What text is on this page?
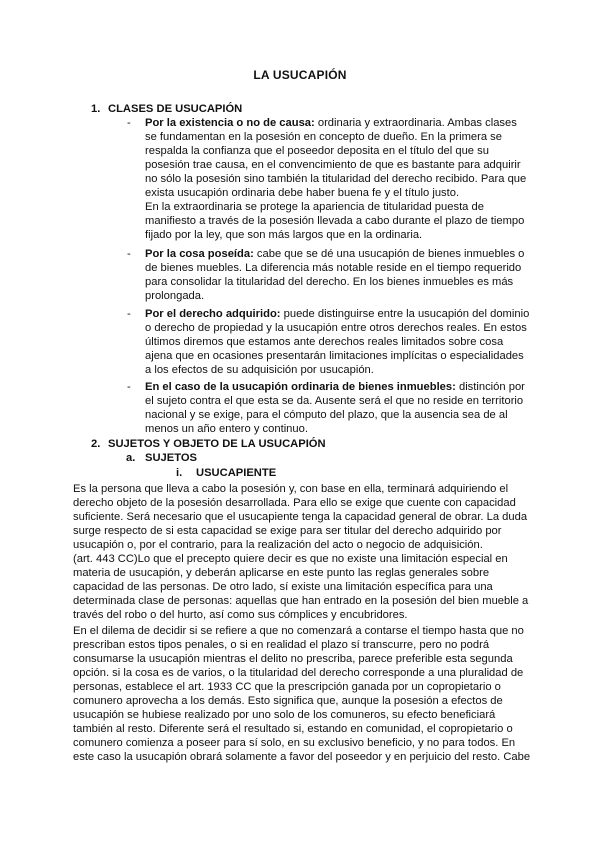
LA USUCAPIÓN
1. CLASES DE USUCAPIÓN
- Por la existencia o no de causa: ordinaria y extraordinaria. Ambas clases
se fundamentan en la posesión en concepto de dueño. En la primera se
respalda la confianza que el poseedor deposita en el título del que su
posesión trae causa, en el convencimiento de que es bastante para adquirir
no sólo la posesión sino también la titularidad del derecho recibido. Para que
exista usucapión ordinaria debe haber buena fe y el título justo.
En la extraordinaria se protege la apariencia de titularidad puesta de
manifiesto a través de la posesión llevada a cabo durante el plazo de tiempo
fijado por la ley, que son más largos que en la ordinaria.
- Por la cosa poseída: cabe que se dé una usucapión de bienes inmuebles o
de bienes muebles. La diferencia más notable reside en el tiempo requerido
para consolidar la titularidad del derecho. En los bienes inmuebles es más
prolongada.
- Por el derecho adquirido: puede distinguirse entre la usucapión del dominio
o derecho de propiedad y la usucapión entre otros derechos reales. En estos
últimos diremos que estamos ante derechos reales limitados sobre cosa
ajena que en ocasiones presentarán limitaciones implícitas o especialidades
a los efectos de su adquisición por usucapión.
- En el caso de la usucapión ordinaria de bienes inmuebles: distinción por
el sujeto contra el que esta se da. Ausente será el que no reside en territorio
nacional y se exige, para el cómputo del plazo, que la ausencia sea de al
menos un año entero y continuo.
2. SUJETOS Y OBJETO DE LA USUCAPIÓN
a. SUJETOS
i. USUCAPIENTE
Es la persona que lleva a cabo la posesión y, con base en ella, terminará adquiriendo el
derecho objeto de la posesión desarrollada. Para ello se exige que cuente con capacidad
suficiente. Será necesario que el usucapiente tenga la capacidad general de obrar. La duda
surge respecto de si esta capacidad se exige para ser titular del derecho adquirido por
usucapión o, por el contrario, para la realización del acto o negocio de adquisición.
(art. 443 CC)Lo que el precepto quiere decir es que no existe una limitación especial en
materia de usucapión, y deberán aplicarse en este punto las reglas generales sobre
capacidad de las personas. De otro lado, sí existe una limitación específica para una
determinada clase de personas: aquellas que han entrado en la posesión del bien mueble a
través del robo o del hurto, así como sus cómplices y encubridores.
En el dilema de decidir si se refiere a que no comenzará a contarse el tiempo hasta que no
prescriban estos tipos penales, o si en realidad el plazo sí transcurre, pero no podrá
consumarse la usucapión mientras el delito no prescriba, parece preferible esta segunda
opción. si la cosa es de varios, o la titularidad del derecho corresponde a una pluralidad de
personas, establece el art. 1933 CC que la prescripción ganada por un copropietario o
comunero aprovecha a los demás. Esto significa que, aunque la posesión a efectos de
usucapión se hubiese realizado por uno solo de los comuneros, su efecto beneficiará
también al resto. Diferente será el resultado si, estando en comunidad, el copropietario o
comunero comienza a poseer para sí solo, en su exclusivo beneficio, y no para todos. En
este caso la usucapión obrará solamente a favor del poseedor y en perjuicio del resto. Cabe
